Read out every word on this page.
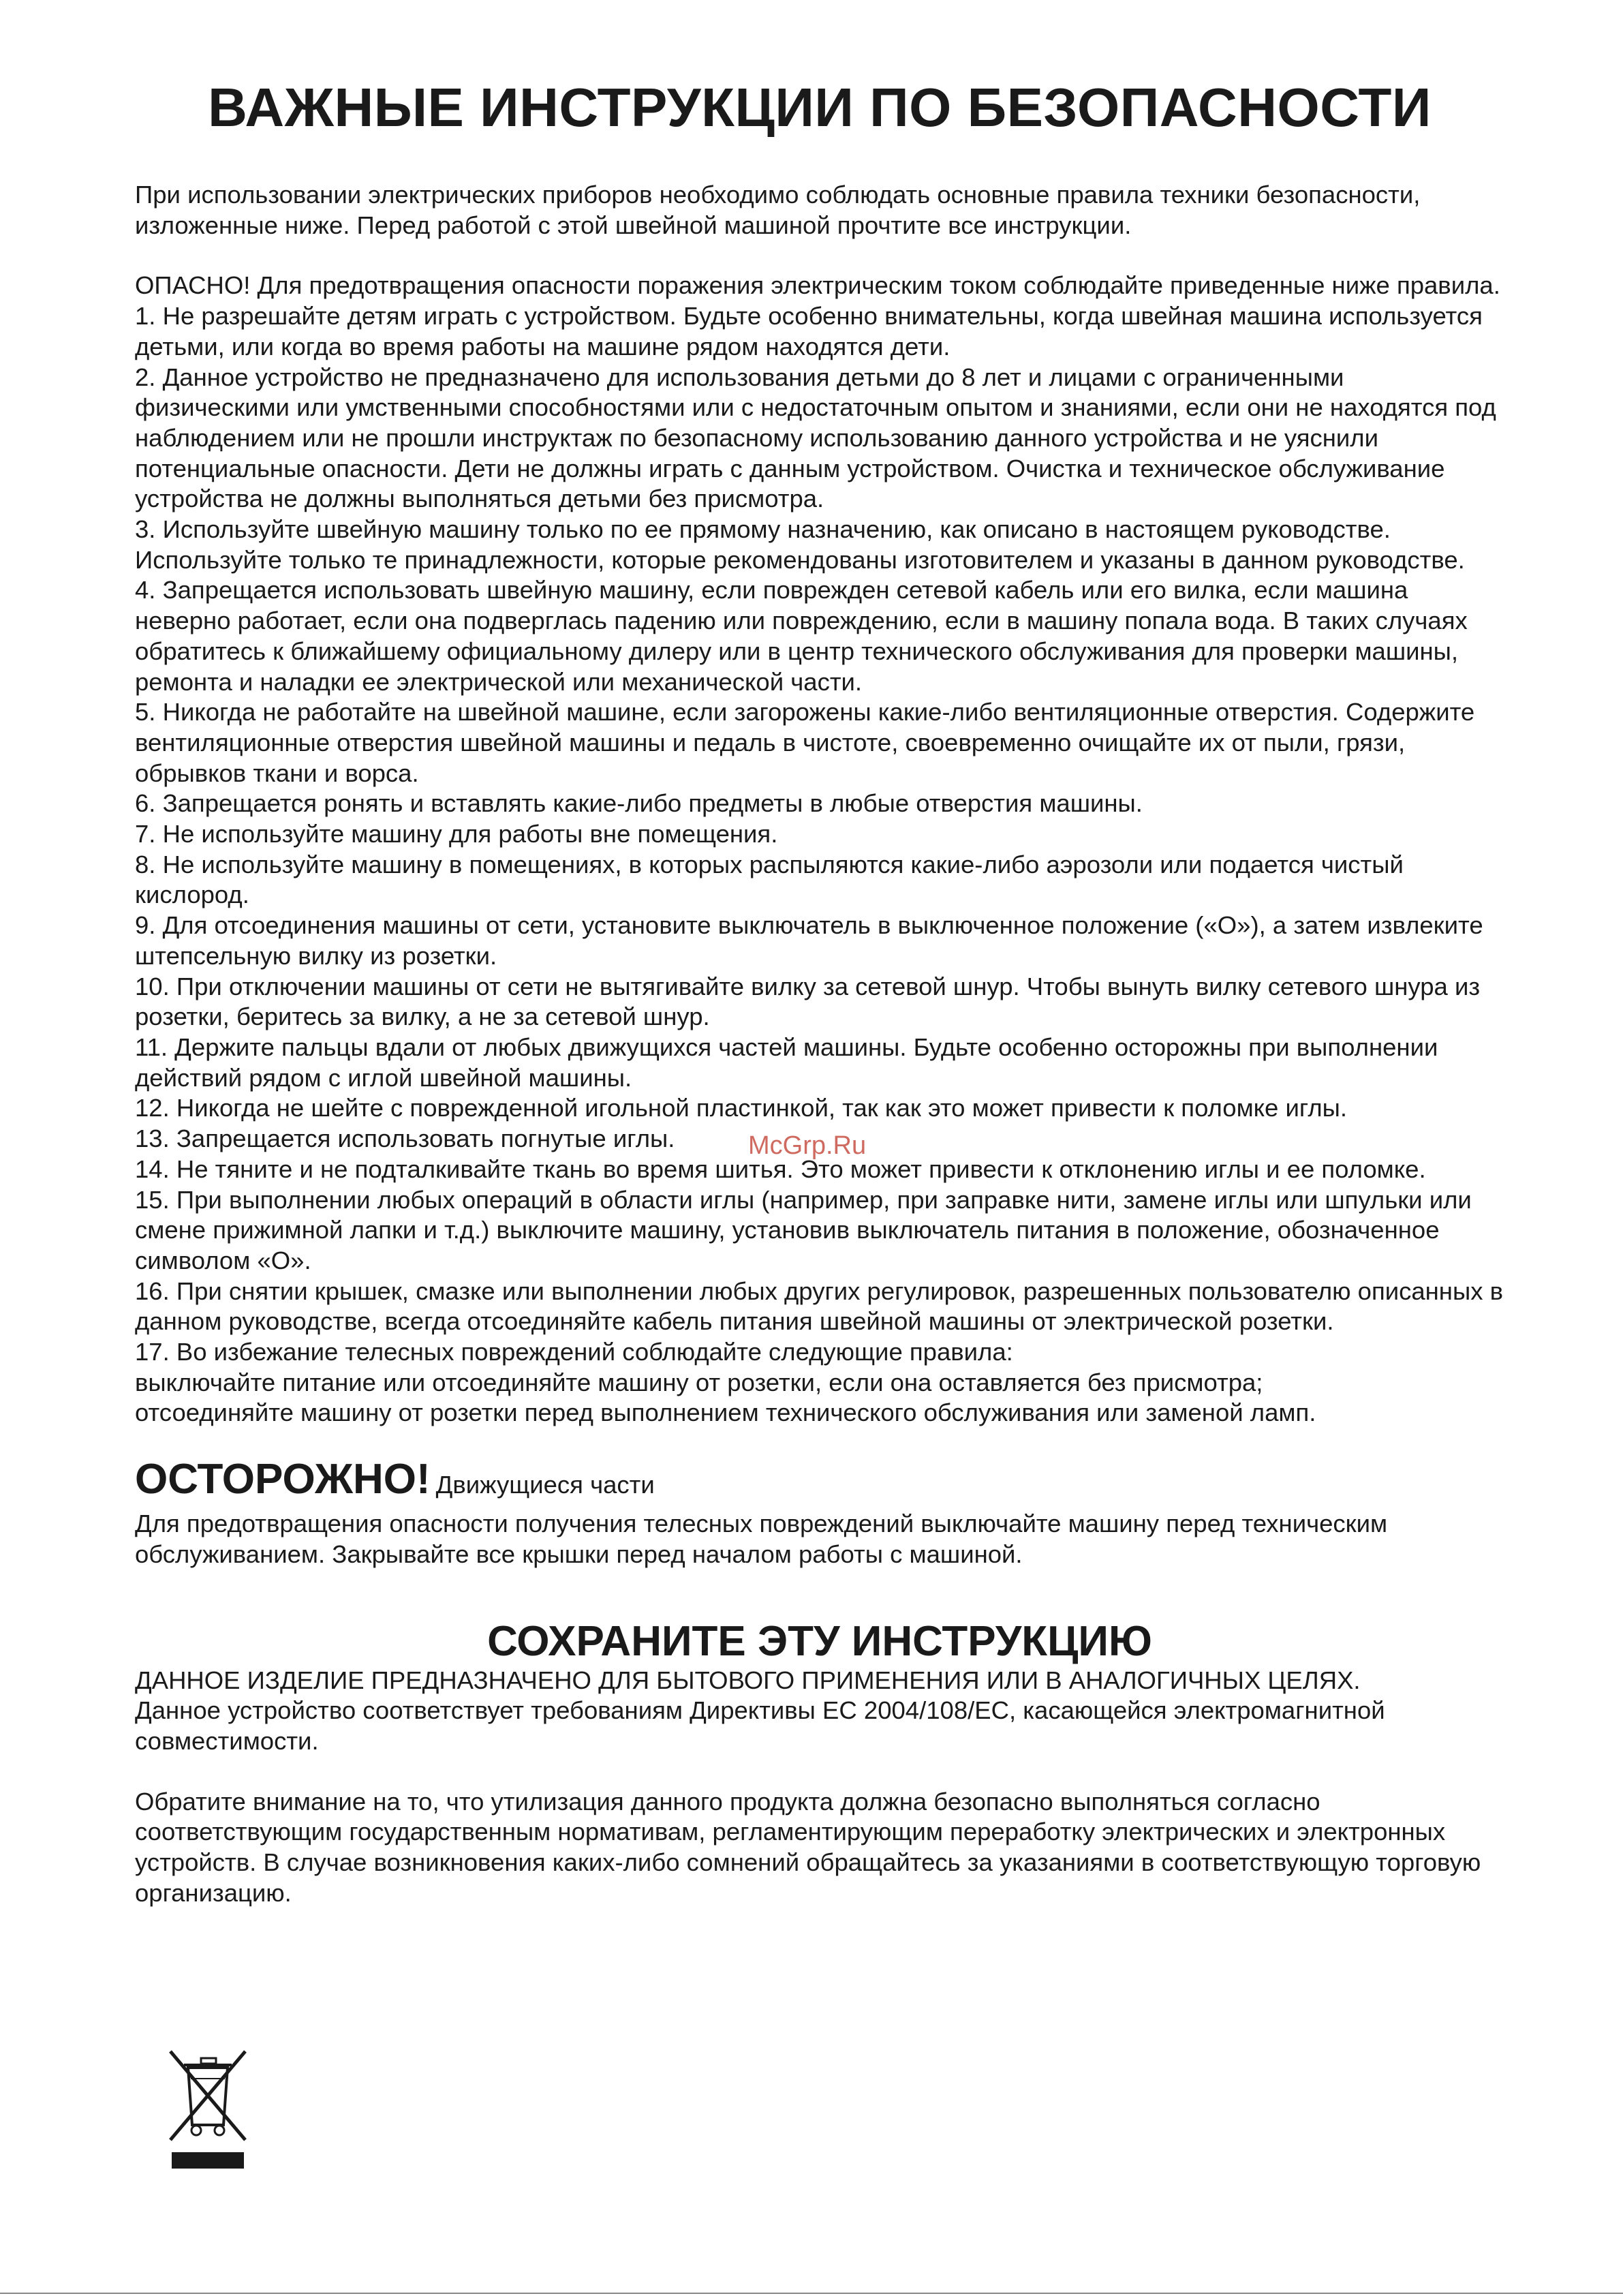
ВАЖНЫЕ ИНСТРУКЦИИ ПО БЕЗОПАСНОСТИ

При использовании электрических приборов необходимо соблюдать основные правила техники безопасности, изложенные ниже. Перед работой с этой швейной машиной прочтите все инструкции.

ОПАСНО! Для предотвращения опасности поражения электрическим током соблюдайте приведенные ниже правила.

1. Не разрешайте детям играть с устройством. Будьте особенно внимательны, когда швейная машина используется детьми, или когда во время работы на машине рядом находятся дети.

2. Данное устройство не предназначено для использования детьми до 8 лет и лицами с ограниченными физическими или умственными способностями или с недостаточным опытом и знаниями, если они не находятся под наблюдением или не прошли инструктаж по безопасному использованию данного устройства и не уяснили потенциальные опасности. Дети не должны играть с данным устройством. Очистка и техническое обслуживание устройства не должны выполняться детьми без присмотра.

3. Используйте швейную машину только по ее прямому назначению, как описано в настоящем руководстве. Используйте только те принадлежности, которые рекомендованы изготовителем и указаны в данном руководстве.

4. Запрещается использовать швейную машину, если поврежден сетевой кабель или его вилка, если машина неверно работает, если она подверглась падению или повреждению, если в машину попала вода. В таких случаях обратитесь к ближайшему официальному дилеру или в центр технического обслуживания для проверки машины, ремонта и наладки ее электрической или механической части.

5. Никогда не работайте на швейной машине, если загорожены какие-либо вентиляционные отверстия. Содержите вентиляционные отверстия швейной машины и педаль в чистоте, своевременно очищайте их от пыли, грязи, обрывков ткани и ворса.

6. Запрещается ронять и вставлять какие-либо предметы в любые отверстия машины.

7. Не используйте машину для работы вне помещения.

8. Не используйте машину в помещениях, в которых распыляются какие-либо аэрозоли или подается чистый кислород.

9. Для отсоединения машины от сети, установите выключатель в выключенное положение («O»), а затем извлеките штепсельную вилку из розетки.

10. При отключении машины от сети не вытягивайте вилку за сетевой шнур. Чтобы вынуть вилку сетевого шнура из розетки, беритесь за вилку, а не за сетевой шнур.

11. Держите пальцы вдали от любых движущихся частей машины. Будьте особенно осторожны при выполнении действий рядом с иглой швейной машины.

12. Никогда не шейте с поврежденной игольной пластинкой, так как это может привести к поломке иглы.

13. Запрещается использовать погнутые иглы.

14. Не тяните и не подталкивайте ткань во время шитья. Это может привести к отклонению иглы и ее поломке.

15. При выполнении любых операций в области иглы (например, при заправке нити, замене иглы или шпульки или смене прижимной лапки и т.д.) выключите машину, установив выключатель питания в положение, обозначенное символом «O».

16. При снятии крышек, смазке или выполнении любых других регулировок, разрешенных пользователю описанных в данном руководстве, всегда отсоединяйте кабель питания швейной машины от электрической розетки.

17. Во избежание телесных повреждений соблюдайте следующие правила:

выключайте питание или отсоединяйте машину от розетки, если она оставляется без присмотра;

отсоединяйте машину от розетки перед выполнением технического обслуживания или заменой ламп.

ОСТОРОЖНО! Движущиеся части

Для предотвращения опасности получения телесных повреждений выключайте машину перед техническим обслуживанием. Закрывайте все крышки перед началом работы с машиной.

СОХРАНИТЕ ЭТУ ИНСТРУКЦИЮ

ДАННОЕ ИЗДЕЛИЕ ПРЕДНАЗНАЧЕНО ДЛЯ БЫТОВОГО ПРИМЕНЕНИЯ ИЛИ В АНАЛОГИЧНЫХ ЦЕЛЯХ.

Данное устройство соответствует требованиям Директивы ЕС 2004/108/ЕС, касающейся электромагнитной совместимости.

Обратите внимание на то, что утилизация данного продукта должна безопасно выполняться согласно соответствующим государственным нормативам, регламентирующим переработку электрических и электронных устройств. В случае возникновения каких-либо сомнений обращайтесь за указаниями в соответствующую торговую организацию.

McGrp.Ru
